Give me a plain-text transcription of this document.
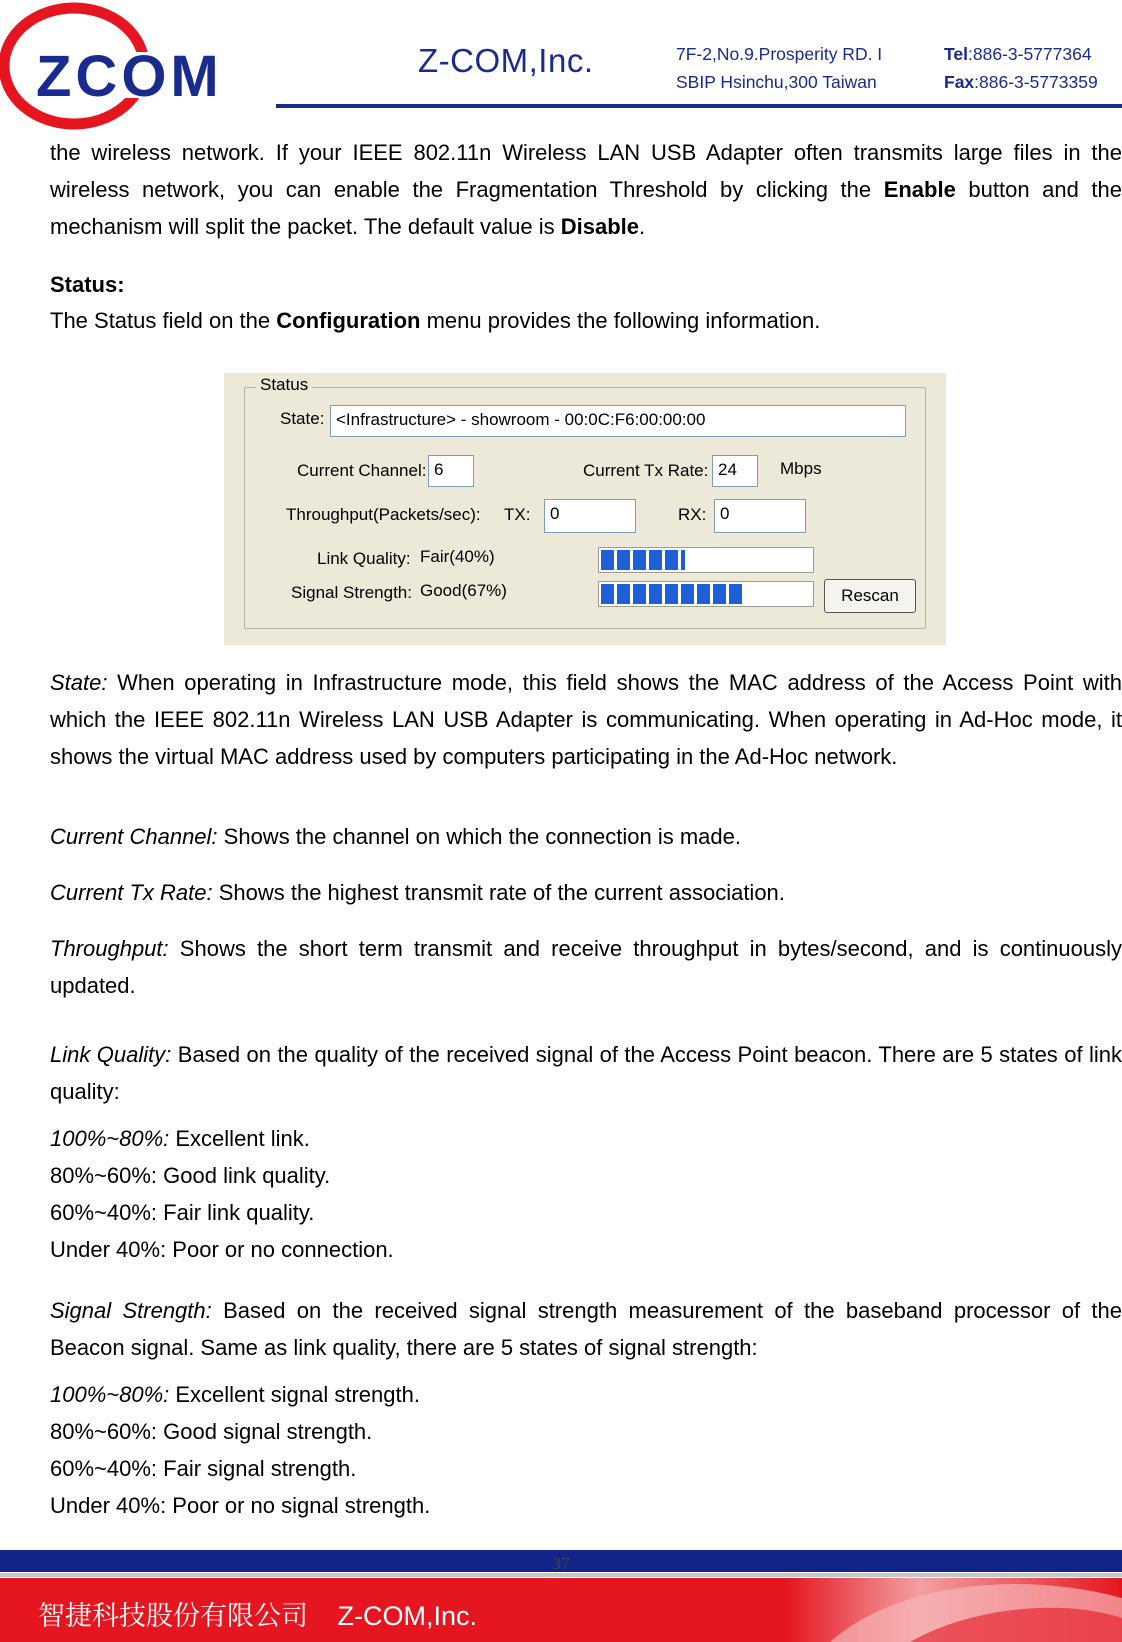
ZCOM	Z-COM,Inc.	7F-2,No.9.Prosperity RD. I
SBIP Hsinchu,300 Taiwan
Tel:886-3-5777364
Fax:886-3-5773359
the wireless network. If your IEEE 802.11n Wireless LAN USB Adapter often transmits large files in the wireless network, you can enable the Fragmentation Threshold by clicking the Enable button and the mechanism will split the packet. The default value is Disable.
Status:
The Status field on the Configuration menu provides the following information.
Status
State: <Infrastructure> - showroom - 00:0C:F6:00:00:00
Current Channel: 6	Current Tx Rate: 24	Mbps
Throughput(Packets/sec): TX:	0	RX: 0
Link Quality: Fair(40%)
Signal Strength: Good(67%)	Rescan
State: When operating in Infrastructure mode, this field shows the MAC address of the Access Point with which the IEEE 802.11n Wireless LAN USB Adapter is communicating. When operating in Ad-Hoc mode, it shows the virtual MAC address used by computers participating in the Ad-Hoc network.
Current Channel: Shows the channel on which the connection is made.
Current Tx Rate: Shows the highest transmit rate of the current association.
Throughput: Shows the short term transmit and receive throughput in bytes/second, and is continuously updated.
Link Quality: Based on the quality of the received signal of the Access Point beacon. There are 5 states of link quality:
100%~80%: Excellent link.
80%~60%: Good link quality.
60%~40%: Fair link quality.
Under 40%: Poor or no connection.
Signal Strength: Based on the received signal strength measurement of the baseband processor of the Beacon signal. Same as link quality, there are 5 states of signal strength:
100%~80%: Excellent signal strength.
80%~60%: Good signal strength.
60%~40%: Fair signal strength.
Under 40%: Poor or no signal strength.
37
智捷科技股份有限公司 Z-COM,Inc.
